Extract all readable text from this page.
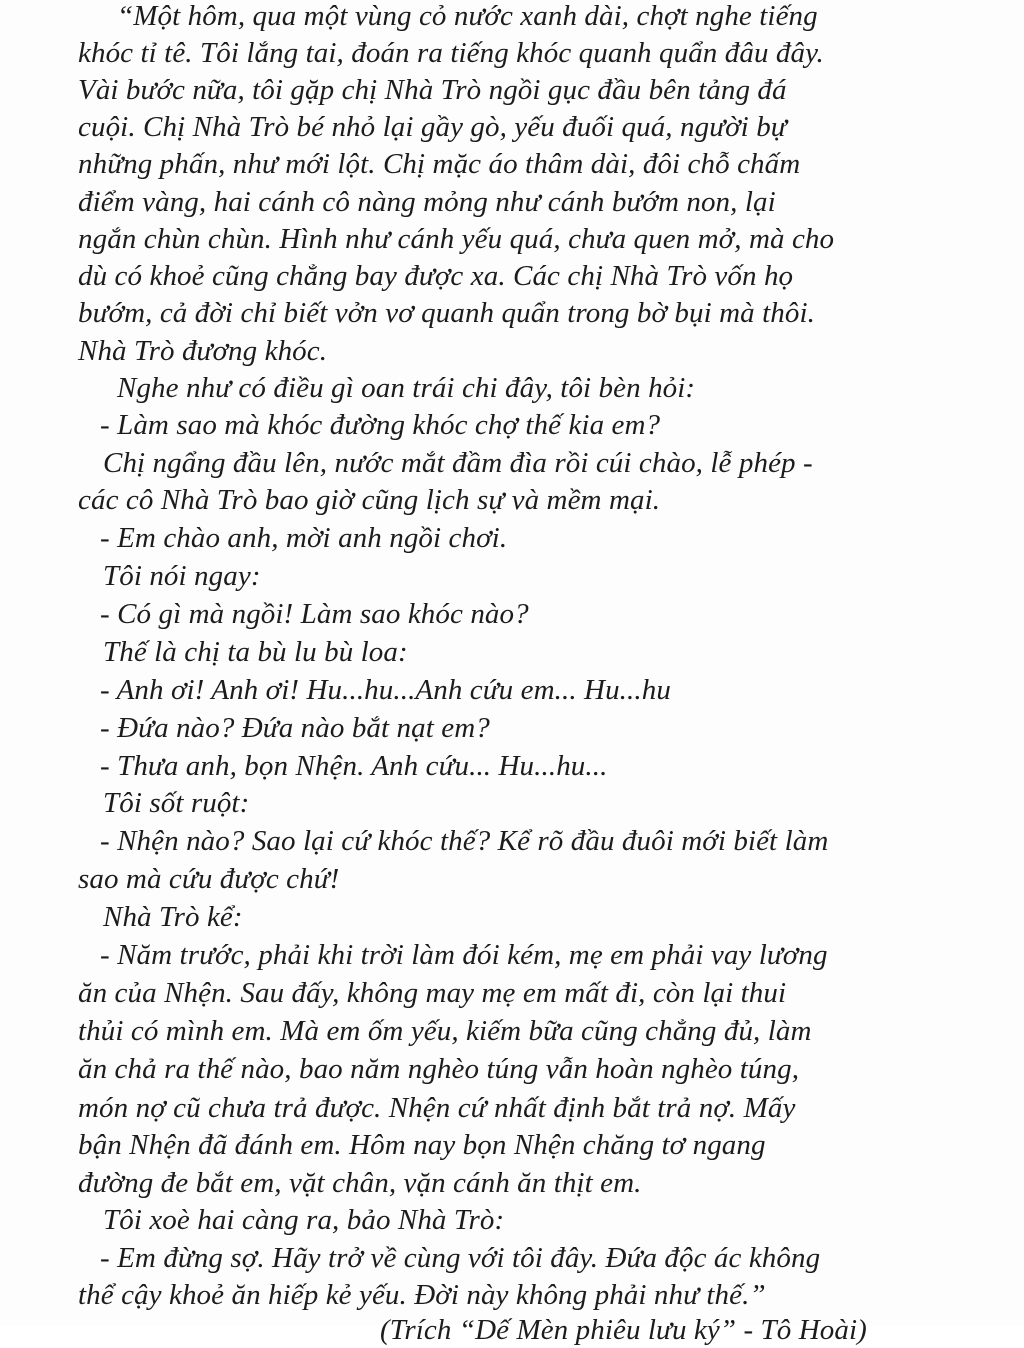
“Một hôm, qua một vùng cỏ nước xanh dài, chợt nghe tiếng
khóc tỉ tê. Tôi lắng tai, đoán ra tiếng khóc quanh quẩn đâu đây.
Vài bước nữa, tôi gặp chị Nhà Trò ngồi gục đầu bên tảng đá
cuội. Chị Nhà Trò bé nhỏ lại gầy gò, yếu đuối quá, người bự
những phấn, như mới lột. Chị mặc áo thâm dài, đôi chỗ chấm
điểm vàng, hai cánh cô nàng mỏng như cánh bướm non, lại
ngắn chùn chùn. Hình như cánh yếu quá, chưa quen mở, mà cho
dù có khoẻ cũng chẳng bay được xa. Các chị Nhà Trò vốn họ
bướm, cả đời chỉ biết vởn vơ quanh quẩn trong bờ bụi mà thôi.
Nhà Trò đương khóc.
Nghe như có điều gì oan trái chi đây, tôi bèn hỏi:
- Làm sao mà khóc đường khóc chợ thế kia em?
Chị ngẩng đầu lên, nước mắt đầm đìa rồi cúi chào, lễ phép -
các cô Nhà Trò bao giờ cũng lịch sự và mềm mại.
- Em chào anh, mời anh ngồi chơi.
Tôi nói ngay:
- Có gì mà ngồi! Làm sao khóc nào?
Thế là chị ta bù lu bù loa:
- Anh ơi! Anh ơi! Hu...hu...Anh cứu em... Hu...hu
- Đứa nào? Đứa nào bắt nạt em?
- Thưa anh, bọn Nhện. Anh cứu... Hu...hu...
Tôi sốt ruột:
- Nhện nào? Sao lại cứ khóc thế? Kể rõ đầu đuôi mới biết làm
sao mà cứu được chứ!
Nhà Trò kể:
- Năm trước, phải khi trời làm đói kém, mẹ em phải vay lương
ăn của Nhện. Sau đấy, không may mẹ em mất đi, còn lại thui
thủi có mình em. Mà em ốm yếu, kiếm bữa cũng chẳng đủ, làm
ăn chả ra thế nào, bao năm nghèo túng vẫn hoàn nghèo túng,
món nợ cũ chưa trả được. Nhện cứ nhất định bắt trả nợ. Mấy
bận Nhện đã đánh em. Hôm nay bọn Nhện chăng tơ ngang
đường đe bắt em, vặt chân, vặn cánh ăn thịt em.
Tôi xoè hai càng ra, bảo Nhà Trò:
- Em đừng sợ. Hãy trở về cùng với tôi đây. Đứa độc ác không
thể cậy khoẻ ăn hiếp kẻ yếu. Đời này không phải như thế.”
(Trích “Dế Mèn phiêu lưu ký” - Tô Hoài)
